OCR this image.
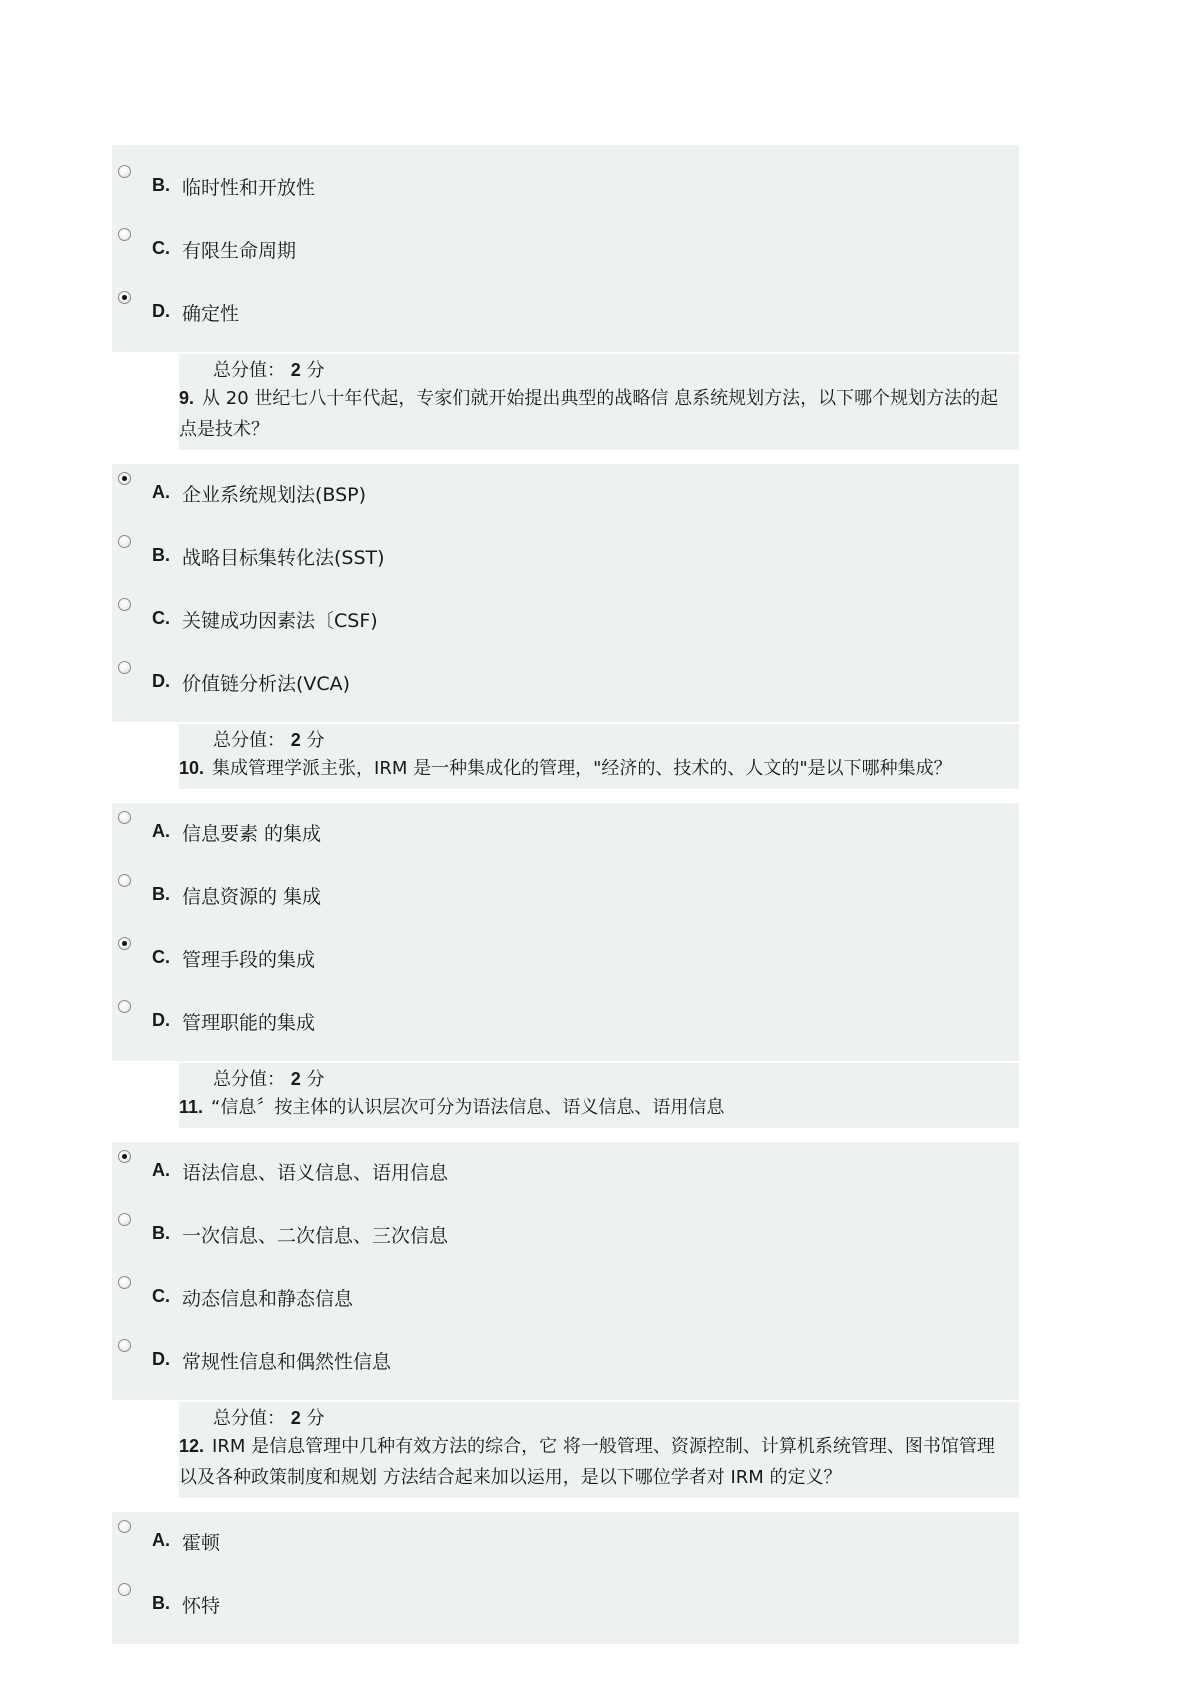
B. 临时性和开放性
C. 有限生命周期
D. 确定性
总分值： 2 分
9. 从 20 世纪七八十年代起，专家们就开始提出典型的战略信 息系统规划方法，以下哪个规划方法的起点是技术？
A. 企业系统规划法(BSP)
B. 战略目标集转化法(SST)
C. 关键成功因素法〔CSF)
D. 价值链分析法(VCA)
总分值： 2 分
10. 集成管理学派主张，IRM 是一种集成化的管理，"经济的、技术的、人文的"是以下哪种集成？
A. 信息要素 的集成
B. 信息资源的 集成
C. 管理手段的集成
D. 管理职能的集成
总分值： 2 分
11. “信息〞按主体的认识层次可分为语法信息、语义信息、语用信息
A. 语法信息、语义信息、语用信息
B. 一次信息、二次信息、三次信息
C. 动态信息和静态信息
D. 常规性信息和偶然性信息
总分值： 2 分
12. IRM 是信息管理中几种有效方法的综合，它 将一般管理、资源控制、计算机系统管理、图书馆管理以及各种政策制度和规划 方法结合起来加以运用，是以下哪位学者对 IRM 的定义？
A. 霍顿
B. 怀特
